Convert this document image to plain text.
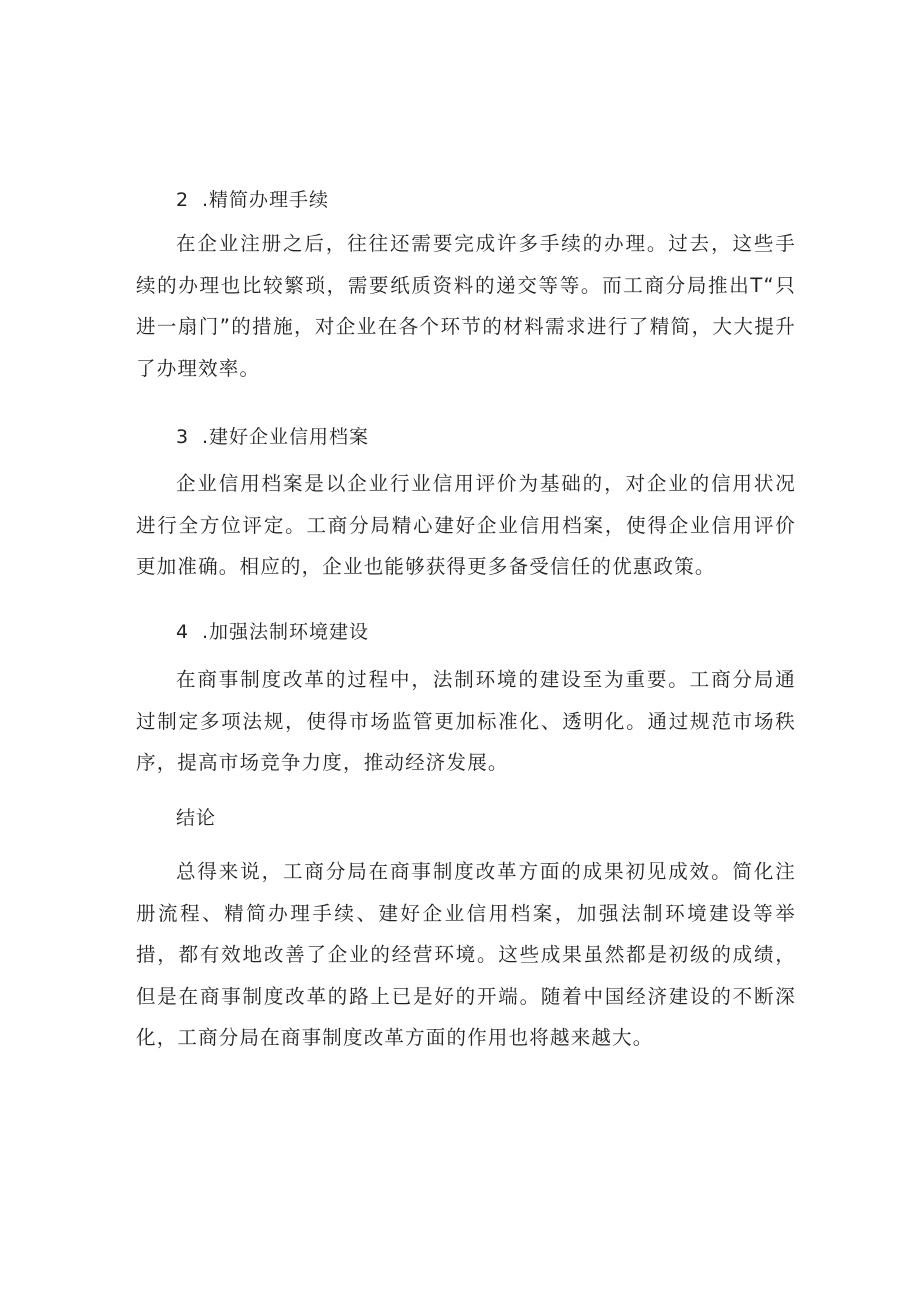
2 .精简办理手续

在企业注册之后，往往还需要完成许多手续的办理。过去，这些手续的办理也比较繁琐，需要纸质资料的递交等等。而工商分局推出T“只进一扇门”的措施，对企业在各个环节的材料需求进行了精简，大大提升了办理效率。

3 .建好企业信用档案

企业信用档案是以企业行业信用评价为基础的，对企业的信用状况进行全方位评定。工商分局精心建好企业信用档案，使得企业信用评价更加准确。相应的，企业也能够获得更多备受信任的优惠政策。

4 .加强法制环境建设

在商事制度改革的过程中，法制环境的建设至为重要。工商分局通过制定多项法规，使得市场监管更加标准化、透明化。通过规范市场秩序，提高市场竞争力度，推动经济发展。

结论

总得来说，工商分局在商事制度改革方面的成果初见成效。简化注册流程、精简办理手续、建好企业信用档案，加强法制环境建设等举措，都有效地改善了企业的经营环境。这些成果虽然都是初级的成绩，但是在商事制度改革的路上已是好的开端。随着中国经济建设的不断深化，工商分局在商事制度改革方面的作用也将越来越大。
